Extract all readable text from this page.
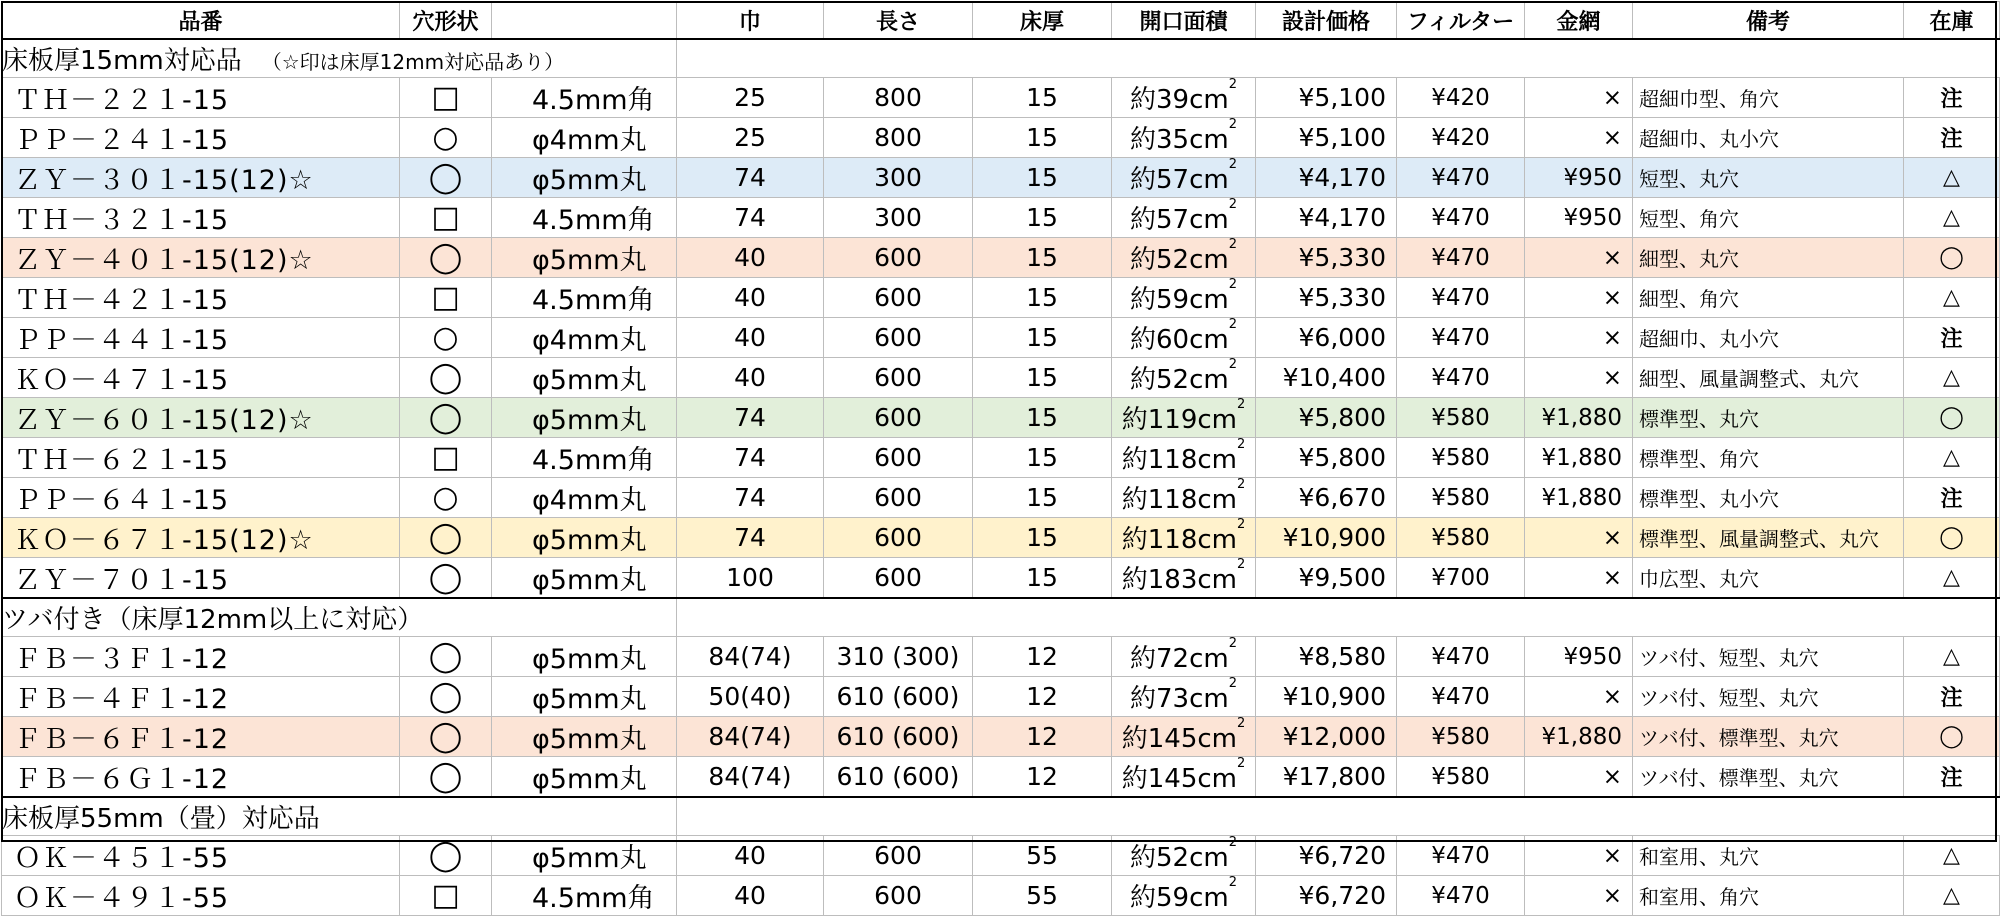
品番	穴形状		巾	長さ	床厚	開口面積	設計価格	フィルター	金網	備考	在庫
床板厚15mm対応品 （☆印は床厚12mm対応品あり）											
ＴＨ－２２１-15	□	4.5mm角	25	800	15	約$39cm^2$	¥5,100	¥420	×	超細巾型、角穴	注
ＰＰ－２４１-15	○	φ4mm丸	25	800	15	約$35cm^2$	¥5,100	¥420	×	超細巾、丸小穴	注
ＺＹ－３０１-15(12)☆	◯	φ5mm丸	74	300	15	約$57cm^2$	¥4,170	¥470	¥950	短型、丸穴	△
ＴＨ－３２１-15	□	4.5mm角	74	300	15	約$57cm^2$	¥4,170	¥470	¥950	短型、角穴	△
ＺＹ－４０１-15(12)☆	◯	φ5mm丸	40	600	15	約$52cm^2$	¥5,330	¥470	×	細型、丸穴	◯
ＴＨ－４２１-15	□	4.5mm角	40	600	15	約$59cm^2$	¥5,330	¥470	×	細型、角穴	△
ＰＰ－４４１-15	○	φ4mm丸	40	600	15	約$60cm^2$	¥6,000	¥470	×	超細巾、丸小穴	注
ＫＯ－４７１-15	◯	φ5mm丸	40	600	15	約$52cm^2$	¥10,400	¥470	×	細型、風量調整式、丸穴	△
ＺＹ－６０１-15(12)☆	◯	φ5mm丸	74	600	15	約$119cm^2$	¥5,800	¥580	¥1,880	標準型、丸穴	◯
ＴＨ－６２１-15	□	4.5mm角	74	600	15	約$118cm^2$	¥5,800	¥580	¥1,880	標準型、角穴	△
ＰＰ－６４１-15	○	φ4mm丸	74	600	15	約$118cm^2$	¥6,670	¥580	¥1,880	標準型、丸小穴	注
ＫＯ－６７１-15(12)☆	◯	φ5mm丸	74	600	15	約$118cm^2$	¥10,900	¥580	×	標準型、風量調整式、丸穴	◯
ＺＹ－７０１-15	◯	φ5mm丸	100	600	15	約$183cm^2$	¥9,500	¥700	×	巾広型、丸穴	△
ツバ付き（床厚12mm以上に対応）											
ＦＢ－３Ｆ１-12	◯	φ5mm丸	84(74)	310 (300)	12	約$72cm^2$	¥8,580	¥470	¥950	ツバ付、短型、丸穴	△
ＦＢ－４Ｆ１-12	◯	φ5mm丸	50(40)	610 (600)	12	約$73cm^2$	¥10,900	¥470	×	ツバ付、短型、丸穴	注
ＦＢ－６Ｆ１-12	◯	φ5mm丸	84(74)	610 (600)	12	約$145cm^2$	¥12,000	¥580	¥1,880	ツバ付、標準型、丸穴	◯
ＦＢ－６Ｇ１-12	◯	φ5mm丸	84(74)	610 (600)	12	約$145cm^2$	¥17,800	¥580	×	ツバ付、標準型、丸穴	注
床板厚55mm（畳）対応品											
ＯＫ－４５１-55	◯	φ5mm丸	40	600	55	約$52cm^2$	¥6,720	¥470	×	和室用、丸穴	△
ＯＫ－４９１-55	□	4.5mm角	40	600	55	約$59cm^2$	¥6,720	¥470	×	和室用、角穴	△
